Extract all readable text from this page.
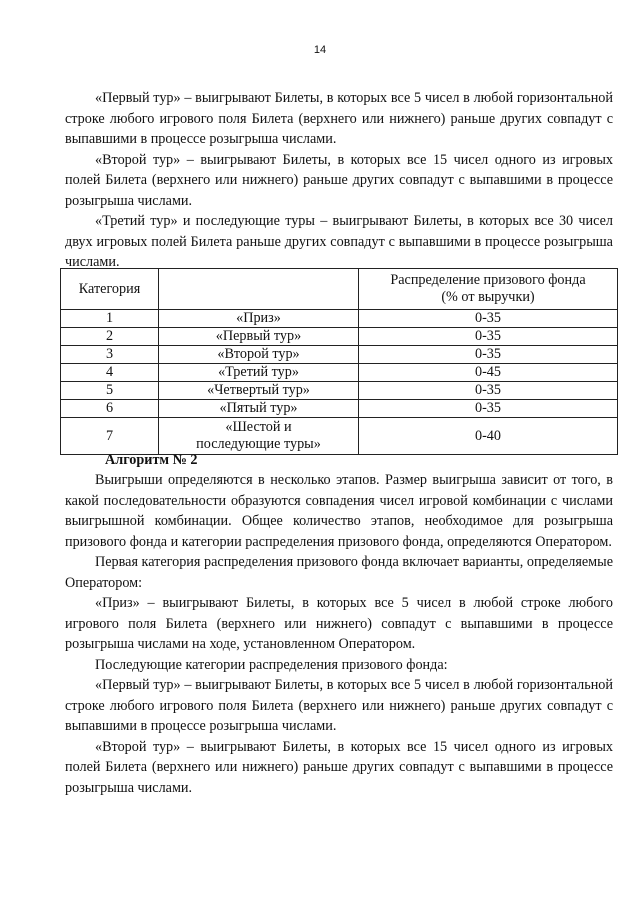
14

«Первый тур» – выигрывают Билеты, в которых все 5 чисел в любой горизонтальной строке любого игрового поля Билета (верхнего или нижнего) раньше других совпадут с выпавшими в процессе розыгрыша числами.

«Второй тур» – выигрывают Билеты, в которых все 15 чисел одного из игровых полей Билета (верхнего или нижнего) раньше других совпадут с выпавшими в процессе розыгрыша числами.

«Третий тур» и последующие туры – выигрывают Билеты, в которых все 30 чисел двух игровых полей Билета раньше других совпадут с выпавшими в процессе розыгрыша числами.

Категория		Распределение призового фонда
(% от выручки)

1	«Приз»	0-35
2	«Первый тур»	0-35
3	«Второй тур»	0-35
4	«Третий тур»	0-45
5	«Четвертый тур»	0-35
6	«Пятый тур»	0-35
7	«Шестой и
последующие туры»	0-40
Алгоритм № 2

Выигрыши определяются в несколько этапов. Размер выигрыша зависит от того, в какой последовательности образуются совпадения чисел игровой комбинации с числами выигрышной комбинации. Общее количество этапов, необходимое для розыгрыша призового фонда и категории распределения призового фонда, определяются Оператором.

Первая категория распределения призового фонда включает варианты, определяемые Оператором:

«Приз» – выигрывают Билеты, в которых все 5 чисел в любой строке любого игрового поля Билета (верхнего или нижнего) совпадут с выпавшими в процессе розыгрыша числами на ходе, установленном Оператором.

Последующие категории распределения призового фонда:

«Первый тур» – выигрывают Билеты, в которых все 5 чисел в любой горизонтальной строке любого игрового поля Билета (верхнего или нижнего) раньше других совпадут с выпавшими в процессе розыгрыша числами.

«Второй тур» – выигрывают Билеты, в которых все 15 чисел одного из игровых полей Билета (верхнего или нижнего) раньше других совпадут с выпавшими в процессе розыгрыша числами.
